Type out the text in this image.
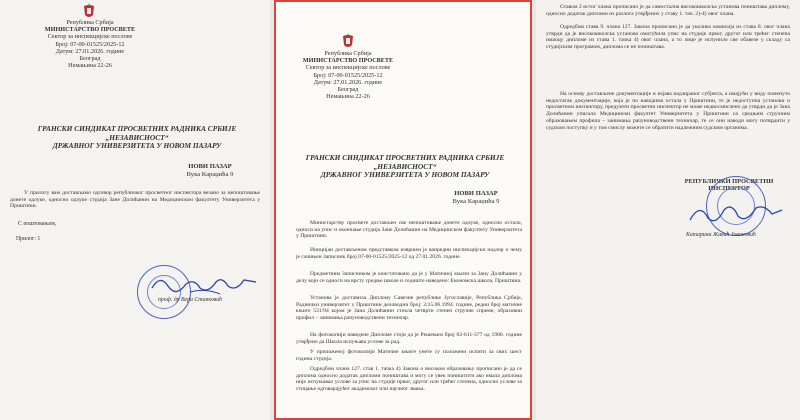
Република Србија
МИНИСТАРСТВО ПРОСВЕТЕ
Сектор за инспекцијске послове
Број: 07-00-01525/2025-12
Датум: 27.01.2026. године
Београд
Немањина 22-26
ГРАНСКИ СИНДИКАТ ПРОСВЕТНИХ РАДНИКА СРБИЈЕ
„НЕЗАВИСНОСТ“
ДРЖАВНОГ УНИВЕРЗИТЕТА У НОВОМ ПАЗАРУ
НОВИ ПАЗАР
Вука Караџића 9
У прилогу вам достављамо одговор републичког просветног инспектора везано за непоштовање донете одлуке, односно одлуке студија Зане Долићанин на Медицинском факултету Универзитета у Приштини.
С поштовањем,
Прилог: 1
проф. др Вера Станковић
Република Србија
МИНИСТАРСТВО ПРОСВЕТЕ
Сектор за инспекцијске послове
Број: 07-00-01525/2025-12
Датум: 27.01.2026. године
Београд
Немањина 22-26
ГРАНСКИ СИНДИКАТ ПРОСВЕТНИХ РАДНИКА СРБИЈЕ
„НЕЗАВИСНОСТ“
ДРЖАВНОГ УНИВЕРЗИТЕТА У НОВОМ ПАЗАРУ
НОВИ ПАЗАР
Вука Караџића 9
Министарству просвете достављен све непоштовање донете одлуке, односно остало, односи на упис и окончање студија Зане Долићанин на Медицинском факултету Универзитета у Приштини.
Иницијан достављеном представком извршен је ванредни инспекцијски надзор о чему је сачињен Записник број 07-00-01525/2025-12 од 27.01.2026. године.
Предметним Записником је констатовано да је у Матичној књизи за Зану Долићанин у делу који се односи на врсту средње школе и седиште наведено: Економска школа, Приштина.
Установа је доставила Диплому Савезне републике Југославије, Република Србије, Раднички универзитет у Приштини деловодни број: 2/15.06.1994. године, редни број матичне књиге 531/94 којом је Зана Долићанин стекла четврти степен стручне спреме, образовни профил – занимања рачуноводствени техничар.
На фотокопији наведене Дипломе стоји да је Решењем број 02-611-377 од 1980. године утврђено да Школа испуњава услове за рад.
У приложеној фотокопији Матичне књиге унете су положени испити за свих шест година студија.
Одредбом члана 127. став 1. тачка 4) Закона о високом образовању прописано је да се диплома односно додатак дипломи поништава и могу се увек поништити ако имала диплома није испуњавао услове за упис на студије првог, другог или трећег степена, односно услове за стицање одговарајућег академског или научног звања.
Ставом 2 истог члана прописано је да самостална високошколска установа поништава диплому, односно додатак дипломи из разлога утврђених у ставу 1. тач. 2)-4) овог члана.
Одредбом става 9. члана 127. Закона прописано је да уколико комисија из става 8. овог члана утврди да је високошколска установа омогућила упис на студије првог, другог или трећег степена имаоцу дипломе из става 1. тачка 4) овог члана, а то лице је испунило све обавезе у складу са студијским програмом, диплома се не поништава.
На основу достављене документације и изјава надзираног субјекта, а имајући у виду поменуто недостатак документације, која је по наводима остала у Приштини, те је недоступна установи и просветном инспектору, предузети просветни инспектор не може недвосмислено да утврди да је Зана Долићанин уписала Медицински факултет Универзитета у Приштини са средњим стручним образовањем профила – занимања рачуноводствени техничар, те се они наводи могу потврдити у судском поступку и у том смислу можете се обратити надлежним судским органима.
РЕПУБЛИЧКИ ПРОСВЕТНИ
ИНСПЕКТОР
Катарина Живић Јовановић
